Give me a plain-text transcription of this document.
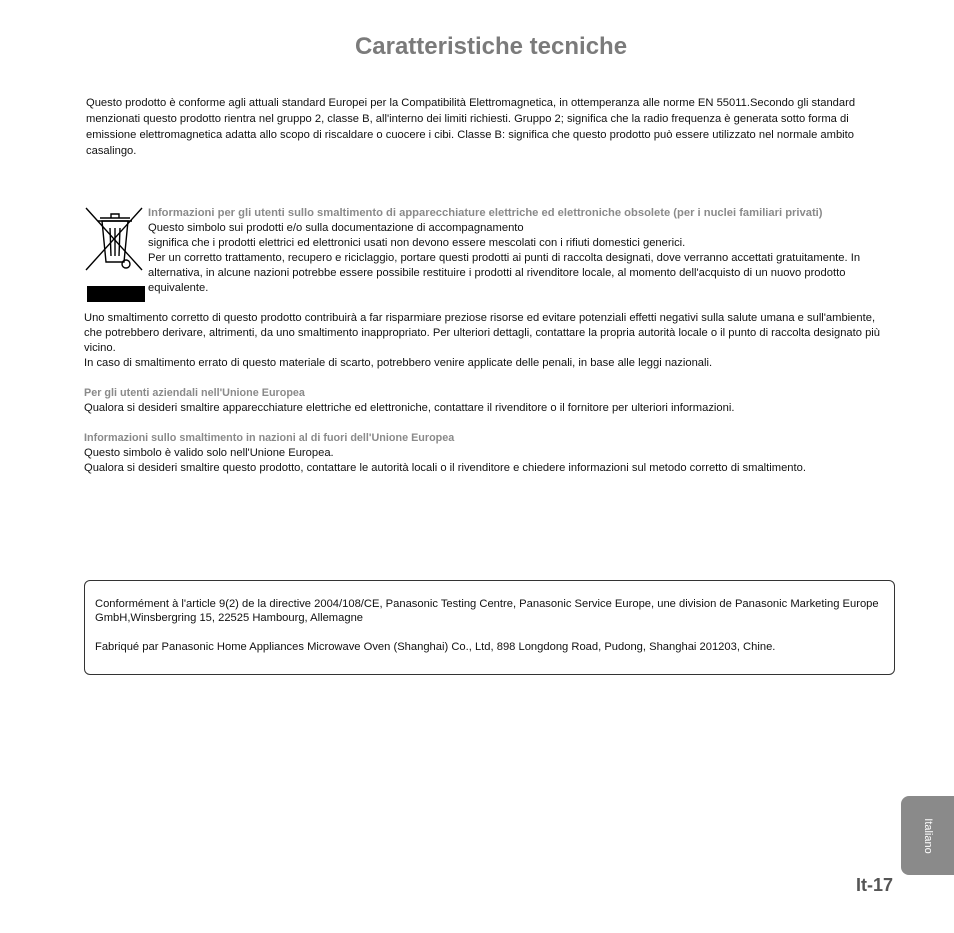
Caratteristiche tecniche

Questo prodotto è conforme agli attuali standard Europei per la Compatibilità Elettromagnetica, in ottemperanza alle norme EN 55011.Secondo gli standard menzionati questo prodotto rientra nel gruppo 2, classe B, all'interno dei limiti richiesti. Gruppo 2; significa che la radio frequenza è generata sotto forma di emissione elettromagnetica adatta allo scopo di riscaldare o cuocere i cibi. Classe B: significa che questo prodotto può essere utilizzato nel normale ambito casalingo.

Informazioni per gli utenti sullo smaltimento di apparecchiature elettriche ed elettroniche obsolete (per i nuclei familiari privati)
Questo simbolo sui prodotti e/o sulla documentazione di accompagnamento
significa che i prodotti elettrici ed elettronici usati non devono essere mescolati con i rifiuti domestici generici.
Per un corretto trattamento, recupero e riciclaggio, portare questi prodotti ai punti di raccolta designati, dove verranno accettati gratuitamente. In alternativa, in alcune nazioni potrebbe essere possibile restituire i prodotti al rivenditore locale, al momento dell'acquisto di un nuovo prodotto equivalente.

Uno smaltimento corretto di questo prodotto contribuirà a far risparmiare preziose risorse ed evitare potenziali effetti negativi sulla salute umana e sull'ambiente, che potrebbero derivare, altrimenti, da uno smaltimento inappropriato. Per ulteriori dettagli, contattare la propria autorità locale o il punto di raccolta designato più vicino.

In caso di smaltimento errato di questo materiale di scarto, potrebbero venire applicate delle penali, in base alle leggi nazionali.

Per gli utenti aziendali nell'Unione Europea
Qualora si desideri smaltire apparecchiature elettriche ed elettroniche, contattare il rivenditore o il fornitore per ulteriori informazioni.
Informazioni sullo smaltimento in nazioni al di fuori dell'Unione Europea
Questo simbolo è valido solo nell'Unione Europea.
Qualora si desideri smaltire questo prodotto, contattare le autorità locali o il rivenditore e chiedere informazioni sul metodo corretto di smaltimento.

Conformément à l'article 9(2) de la directive 2004/108/CE, Panasonic Testing Centre, Panasonic Service Europe, une division de Panasonic Marketing Europe GmbH,Winsbergring 15, 22525 Hambourg, Allemagne

Fabriqué par Panasonic Home Appliances Microwave Oven (Shanghai) Co., Ltd, 898 Longdong Road, Pudong, Shanghai 201203, Chine.

Italiano
It-17
